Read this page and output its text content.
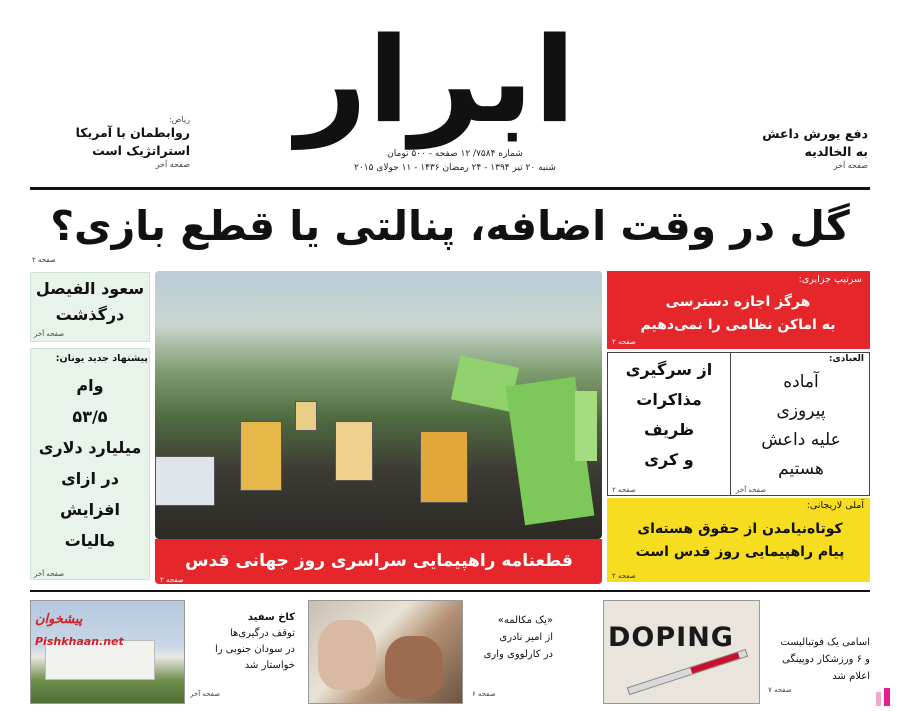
ابرار
شماره ۷۵۸۴/ ۱۲ صفحه - ۵۰۰ تومان
شنبه ۲۰ تیر ۱۳۹۴ - ۲۴ رمضان ۱۴۳۶ - ۱۱ جولای ۲۰۱۵
ریاض:
روابطمان با آمریکا
استراتژیک است
صفحه آخر
دفع یورش داعش
به الخالدیه
صفحه آخر
گل در وقت اضافه، پنالتی یا قطع بازی؟
صفحه ۲
سعود الفیصل
درگذشت
صفحه آخر
پیشنهاد جدید یونان:
وام
۵۳/۵
میلیارد دلاری
در ازای
افزایش
مالیات
صفحه آخر
قطعنامه راهپیمایی سراسری روز جهانی قدس
صفحه ۲
سرتیپ جزایری:
هرگز اجازه دسترسی
به اماکن نظامی را نمی‌دهیم
صفحه ۲
العبادی:
آماده
پیروزی
علیه داعش
هستیم
صفحه آخر
از سرگیری
مذاکرات
ظریف
و کری
صفحه ۲
آملی لاریجانی:
کوتاه‌نیامدن از حقوق هسته‌ای
پیام راهپیمایی روز قدس است
صفحه ۲
پیشخوان
Pishkhaan.net
کاخ سفید
توقف درگیری‌ها
در سودان جنوبی را
خواستار شد
صفحه آخر
«یک مکالمه»
از امیر نادری
در کارلووی واری
صفحه ۶
DOPING	اسامی یک فوتبالیست
و ۶ ورزشکار دوپینگی
اعلام شد
صفحه ۷
